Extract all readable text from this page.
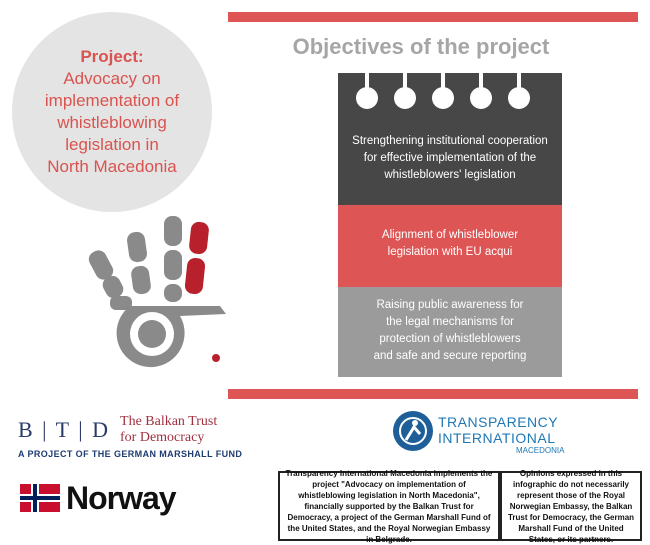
Project:
Advocacy on
implementation of
whistleblowing
legislation in
North Macedonia
Objectives of the project
Strengthening institutional cooperation
for effective implementation of the
whistleblowers' legislation
Alignment of whistleblower
legislation with EU acqui
Raising public awareness for
the legal mechanisms for
protection of whistleblowers
and safe and secure reporting
B | T | D The Balkan Trust
for Democracy
A PROJECT OF THE GERMAN MARSHALL FUND
Norway
TRANSPARENCY
INTERNATIONAL
MACEDONIA
Transparency International Macedonia implements the project "Advocacy on implementation of whistleblowing legislation in North Macedonia", financially supported by the Balkan Trust for Democracy, a project of the German Marshall Fund of the United States, and the Royal Norwegian Embassy in Belgrade.
Opinions expressed in this infographic do not necessarily represent those of the Royal Norwegian Embassy, the Balkan Trust for Democracy, the German Marshall Fund of the United States, or its partners.
